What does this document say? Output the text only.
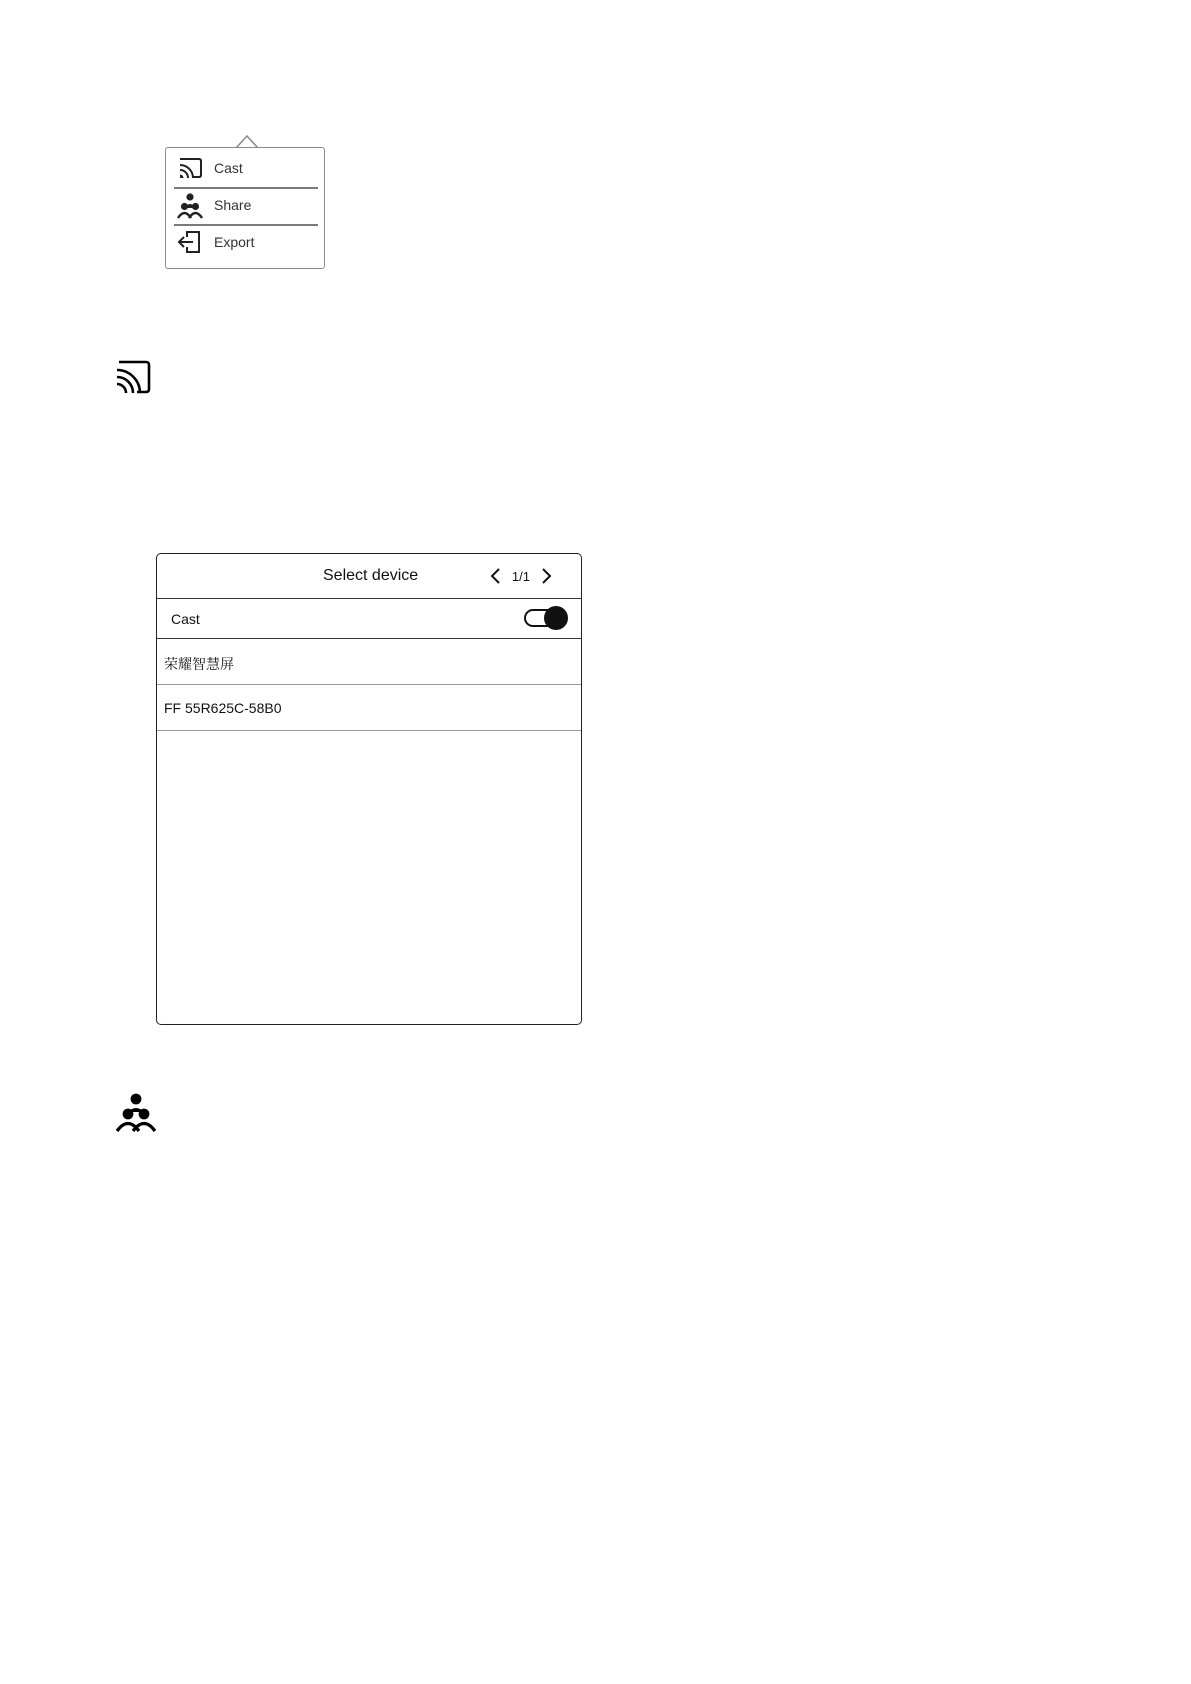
Cast
Share
Export
Select device	1/1
Cast
荣耀智慧屏
FF 55R625C-58B0
